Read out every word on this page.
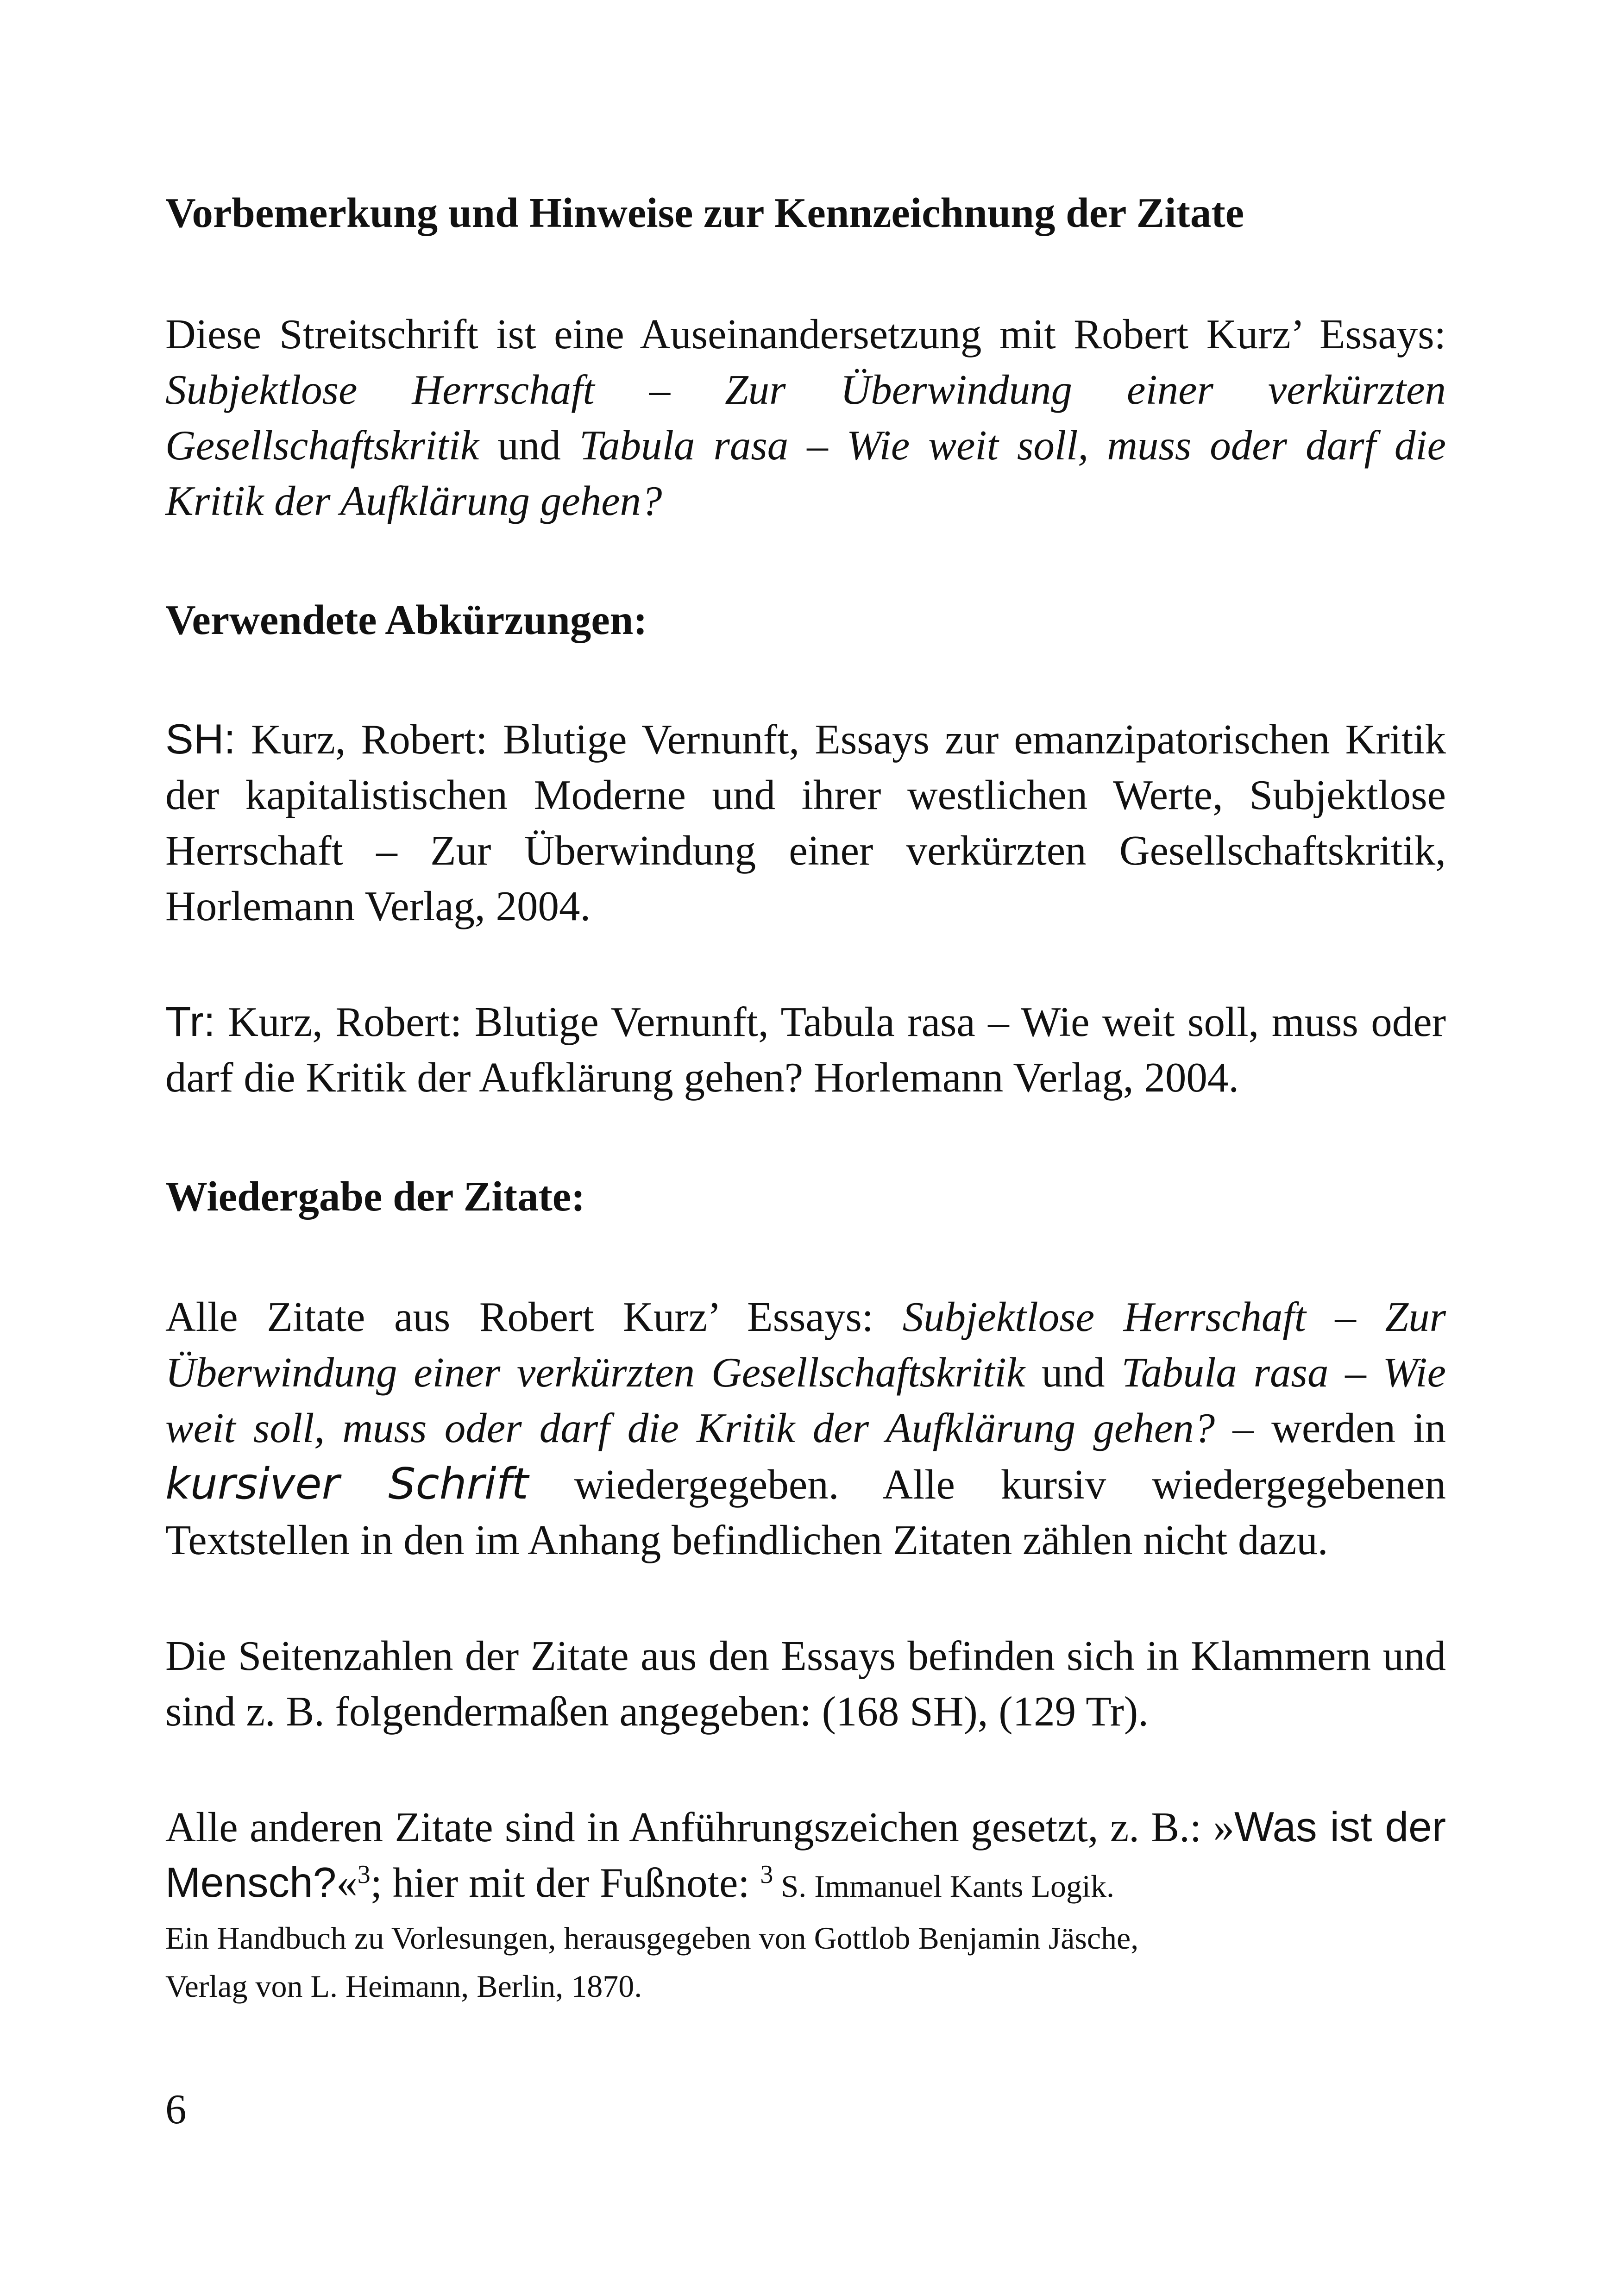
Vorbemerkung und Hinweise zur Kennzeichnung der Zitate

Diese Streitschrift ist eine Auseinandersetzung mit Robert Kurz’ Essays: Subjektlose Herrschaft – Zur Überwindung einer verkürzten Gesellschaftskritik und Tabula rasa – Wie weit soll, muss oder darf die Kritik der Aufklärung gehen?

Verwendete Abkürzungen:

SH: Kurz, Robert: Blutige Vernunft, Essays zur emanzipatorischen Kritik der kapitalistischen Moderne und ihrer westlichen Werte, Subjektlose Herrschaft – Zur Überwindung einer verkürzten Gesellschaftskritik, Horlemann Verlag, 2004.

Tr: Kurz, Robert: Blutige Vernunft, Tabula rasa – Wie weit soll, muss oder darf die Kritik der Aufklärung gehen? Horlemann Verlag, 2004.

Wiedergabe der Zitate:

Alle Zitate aus Robert Kurz’ Essays: Subjektlose Herrschaft – Zur Überwindung einer verkürzten Gesellschaftskritik und Tabula rasa – Wie weit soll, muss oder darf die Kritik der Aufklärung gehen? – werden in kursiver Schrift wiedergegeben. Alle kursiv wiedergegebenen Textstellen in den im Anhang befindlichen Zitaten zählen nicht dazu.

Die Seitenzahlen der Zitate aus den Essays befinden sich in Klammern und sind z. B. folgendermaßen angegeben: (168 SH), (129 Tr).

Alle anderen Zitate sind in Anführungszeichen gesetzt, z. B.: »Was ist der Mensch?«$^3$; hier mit der Fußnote: $^3$ S. Immanuel Kants Logik.
Ein Handbuch zu Vorlesungen, herausgegeben von Gottlob Benjamin Jäsche,
Verlag von L. Heimann, Berlin, 1870.

6
